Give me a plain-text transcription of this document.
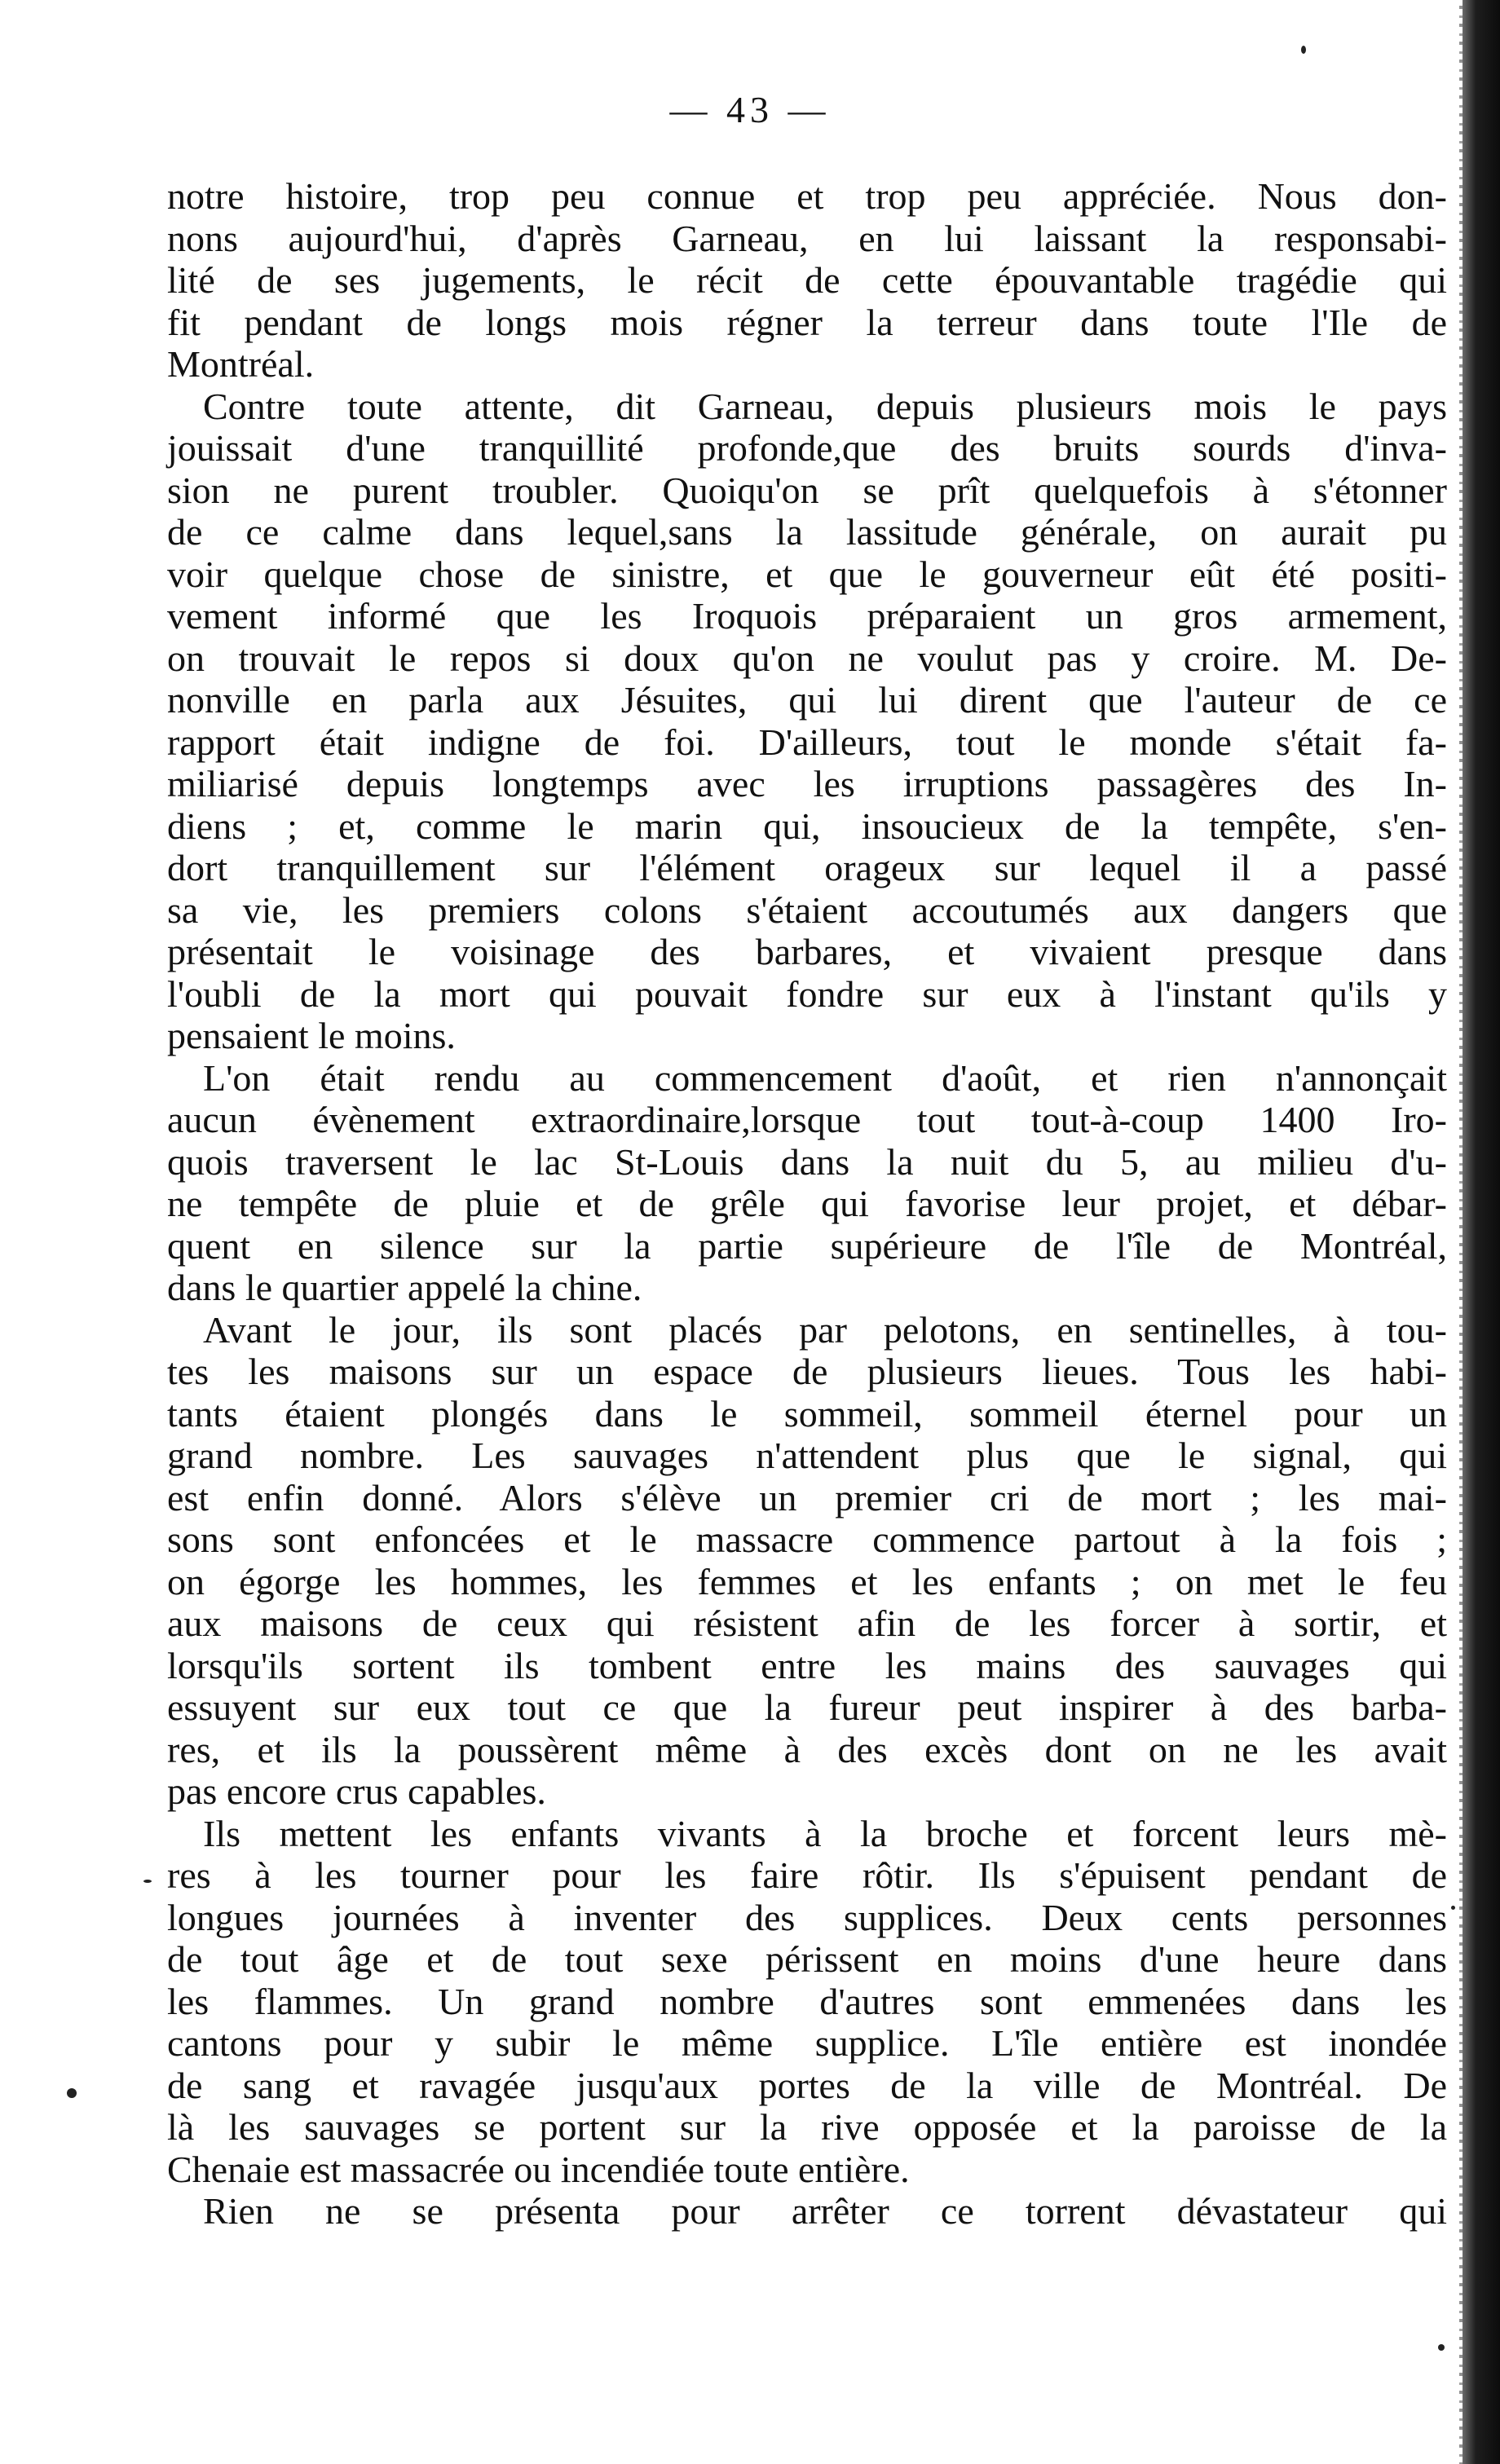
— 43 —
notre histoire, trop peu connue et trop peu appréciée. Nous don-
nons aujourd'hui, d'après Garneau, en lui laissant la responsabi-
lité de ses jugements, le récit de cette épouvantable tragédie qui
fit pendant de longs mois régner la terreur dans toute l'Ile de
Montréal.
Contre toute attente, dit Garneau, depuis plusieurs mois le pays
jouissait d'une tranquillité profonde,que des bruits sourds d'inva-
sion ne purent troubler. Quoiqu'on se prît quelquefois à s'étonner
de ce calme dans lequel,sans la lassitude générale, on aurait pu
voir quelque chose de sinistre, et que le gouverneur eût été positi-
vement informé que les Iroquois préparaient un gros armement,
on trouvait le repos si doux qu'on ne voulut pas y croire. M. De-
nonville en parla aux Jésuites, qui lui dirent que l'auteur de ce
rapport était indigne de foi. D'ailleurs, tout le monde s'était fa-
miliarisé depuis longtemps avec les irruptions passagères des In-
diens ; et, comme le marin qui, insoucieux de la tempête, s'en-
dort tranquillement sur l'élément orageux sur lequel il a passé
sa vie, les premiers colons s'étaient accoutumés aux dangers que
présentait le voisinage des barbares, et vivaient presque dans
l'oubli de la mort qui pouvait fondre sur eux à l'instant qu'ils y
pensaient le moins.
L'on était rendu au commencement d'août, et rien n'annonçait
aucun évènement extraordinaire,lorsque tout tout-à-coup 1400 Iro-
quois traversent le lac St-Louis dans la nuit du 5, au milieu d'u-
ne tempête de pluie et de grêle qui favorise leur projet, et débar-
quent en silence sur la partie supérieure de l'île de Montréal,
dans le quartier appelé la chine.
Avant le jour, ils sont placés par pelotons, en sentinelles, à tou-
tes les maisons sur un espace de plusieurs lieues. Tous les habi-
tants étaient plongés dans le sommeil, sommeil éternel pour un
grand nombre. Les sauvages n'attendent plus que le signal, qui
est enfin donné. Alors s'élève un premier cri de mort ; les mai-
sons sont enfoncées et le massacre commence partout à la fois ;
on égorge les hommes, les femmes et les enfants ; on met le feu
aux maisons de ceux qui résistent afin de les forcer à sortir, et
lorsqu'ils sortent ils tombent entre les mains des sauvages qui
essuyent sur eux tout ce que la fureur peut inspirer à des barba-
res, et ils la poussèrent même à des excès dont on ne les avait
pas encore crus capables.
Ils mettent les enfants vivants à la broche et forcent leurs mè-
res à les tourner pour les faire rôtir. Ils s'épuisent pendant de
longues journées à inventer des supplices. Deux cents personnes
de tout âge et de tout sexe périssent en moins d'une heure dans
les flammes. Un grand nombre d'autres sont emmenées dans les
cantons pour y subir le même supplice. L'île entière est inondée
de sang et ravagée jusqu'aux portes de la ville de Montréal. De
là les sauvages se portent sur la rive opposée et la paroisse de la
Chenaie est massacrée ou incendiée toute entière.
Rien ne se présenta pour arrêter ce torrent dévastateur qui
